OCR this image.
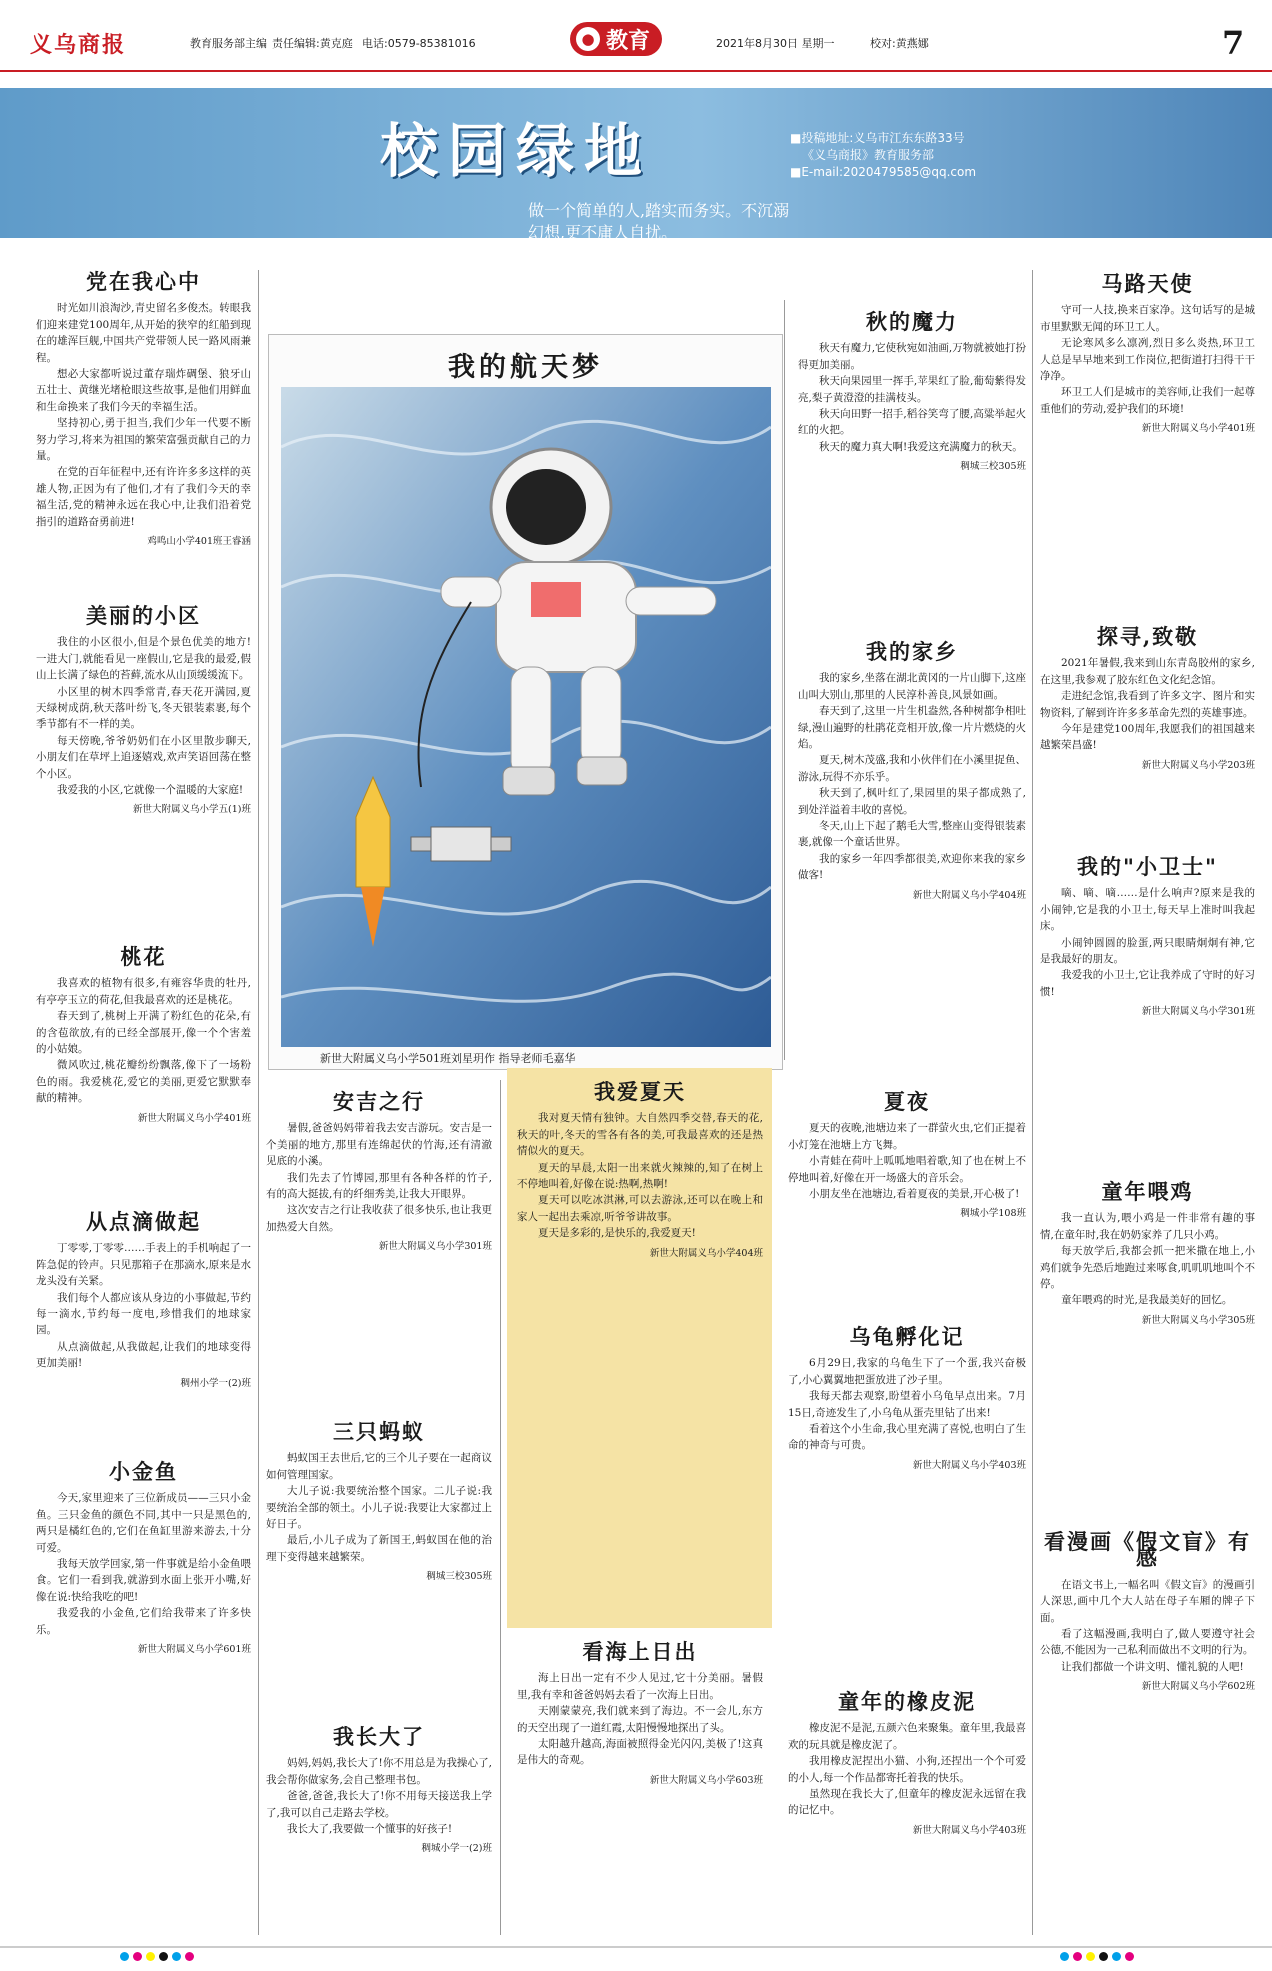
义乌商报	教育服务部主编 责任编辑:黄克庭 电话:0579-85381016	● 教育	2021年8月30日 星期一	校对:黄燕娜	7
校园绿地	■投稿地址:义乌市江东东路33号
《义乌商报》教育服务部
■E-mail:2020479585@qq.com
做一个简单的人,踏实而务实。不沉溺幻想,更不庸人自扰。
我的航天梦
新世大附属义乌小学501班刘星玥作 指导老师毛嘉华
党在我心中

时光如川浪淘沙,青史留名多俊杰。转眼我们迎来建党100周年,从开始的狭窄的红船到现在的雄浑巨舰,中国共产党带领人民一路风雨兼程。

想必大家都听说过董存瑞炸碉堡、狼牙山五壮士、黄继光堵枪眼这些故事,是他们用鲜血和生命换来了我们今天的幸福生活。

坚持初心,勇于担当,我们少年一代要不断努力学习,将来为祖国的繁荣富强贡献自己的力量。

在党的百年征程中,还有许许多多这样的英雄人物,正因为有了他们,才有了我们今天的幸福生活,党的精神永远在我心中,让我们沿着党指引的道路奋勇前进!

鸡鸣山小学401班王睿涵

美丽的小区

我住的小区很小,但是个景色优美的地方!一进大门,就能看见一座假山,它是我的最爱,假山上长满了绿色的苔藓,流水从山顶缓缓流下。

小区里的树木四季常青,春天花开满园,夏天绿树成荫,秋天落叶纷飞,冬天银装素裹,每个季节都有不一样的美。

每天傍晚,爷爷奶奶们在小区里散步聊天,小朋友们在草坪上追逐嬉戏,欢声笑语回荡在整个小区。

我爱我的小区,它就像一个温暖的大家庭!

新世大附属义乌小学五(1)班

桃花

我喜欢的植物有很多,有雍容华贵的牡丹,有亭亭玉立的荷花,但我最喜欢的还是桃花。

春天到了,桃树上开满了粉红色的花朵,有的含苞欲放,有的已经全部展开,像一个个害羞的小姑娘。

微风吹过,桃花瓣纷纷飘落,像下了一场粉色的雨。我爱桃花,爱它的美丽,更爱它默默奉献的精神。

新世大附属义乌小学401班

从点滴做起

丁零零,丁零零……手表上的手机响起了一阵急促的铃声。只见那箱子在那滴水,原来是水龙头没有关紧。

我们每个人都应该从身边的小事做起,节约每一滴水,节约每一度电,珍惜我们的地球家园。

从点滴做起,从我做起,让我们的地球变得更加美丽!

稠州小学一(2)班

小金鱼

今天,家里迎来了三位新成员——三只小金鱼。三只金鱼的颜色不同,其中一只是黑色的,两只是橘红色的,它们在鱼缸里游来游去,十分可爱。

我每天放学回家,第一件事就是给小金鱼喂食。它们一看到我,就游到水面上张开小嘴,好像在说:快给我吃的吧!

我爱我的小金鱼,它们给我带来了许多快乐。

新世大附属义乌小学601班

安吉之行

暑假,爸爸妈妈带着我去安吉游玩。安吉是一个美丽的地方,那里有连绵起伏的竹海,还有清澈见底的小溪。

我们先去了竹博园,那里有各种各样的竹子,有的高大挺拔,有的纤细秀美,让我大开眼界。

这次安吉之行让我收获了很多快乐,也让我更加热爱大自然。

新世大附属义乌小学301班

三只蚂蚁

蚂蚁国王去世后,它的三个儿子要在一起商议如何管理国家。

大儿子说:我要统治整个国家。二儿子说:我要统治全部的领土。小儿子说:我要让大家都过上好日子。

最后,小儿子成为了新国王,蚂蚁国在他的治理下变得越来越繁荣。

稠城三校305班

我长大了

妈妈,妈妈,我长大了!你不用总是为我操心了,我会帮你做家务,会自己整理书包。

爸爸,爸爸,我长大了!你不用每天接送我上学了,我可以自己走路去学校。

我长大了,我要做一个懂事的好孩子!

稠城小学一(2)班

秋的魔力

秋天有魔力,它使秋宛如油画,万物就被她打扮得更加美丽。

秋天向果园里一挥手,苹果红了脸,葡萄紫得发亮,梨子黄澄澄的挂满枝头。

秋天向田野一招手,稻谷笑弯了腰,高粱举起火红的火把。

秋天的魔力真大啊!我爱这充满魔力的秋天。

稠城三校305班

我的家乡

我的家乡,坐落在湖北黄冈的一片山脚下,这座山叫大别山,那里的人民淳朴善良,风景如画。

春天到了,这里一片生机盎然,各种树都争相吐绿,漫山遍野的杜鹃花竞相开放,像一片片燃烧的火焰。

夏天,树木茂盛,我和小伙伴们在小溪里捉鱼、游泳,玩得不亦乐乎。

秋天到了,枫叶红了,果园里的果子都成熟了,到处洋溢着丰收的喜悦。

冬天,山上下起了鹅毛大雪,整座山变得银装素裹,就像一个童话世界。

我的家乡一年四季都很美,欢迎你来我的家乡做客!

新世大附属义乌小学404班

我爱夏天

我对夏天情有独钟。大自然四季交替,春天的花,秋天的叶,冬天的雪各有各的美,可我最喜欢的还是热情似火的夏天。

夏天的早晨,太阳一出来就火辣辣的,知了在树上不停地叫着,好像在说:热啊,热啊!

夏天可以吃冰淇淋,可以去游泳,还可以在晚上和家人一起出去乘凉,听爷爷讲故事。

夏天是多彩的,是快乐的,我爱夏天!

新世大附属义乌小学404班

夏夜

夏天的夜晚,池塘边来了一群萤火虫,它们正提着小灯笼在池塘上方飞舞。

小青蛙在荷叶上呱呱地唱着歌,知了也在树上不停地叫着,好像在开一场盛大的音乐会。

小朋友坐在池塘边,看着夏夜的美景,开心极了!

稠城小学108班

乌龟孵化记

6月29日,我家的乌龟生下了一个蛋,我兴奋极了,小心翼翼地把蛋放进了沙子里。

我每天都去观察,盼望着小乌龟早点出来。7月15日,奇迹发生了,小乌龟从蛋壳里钻了出来!

看着这个小生命,我心里充满了喜悦,也明白了生命的神奇与可贵。

新世大附属义乌小学403班

看海上日出

海上日出一定有不少人见过,它十分美丽。暑假里,我有幸和爸爸妈妈去看了一次海上日出。

天刚蒙蒙亮,我们就来到了海边。不一会儿,东方的天空出现了一道红霞,太阳慢慢地探出了头。

太阳越升越高,海面被照得金光闪闪,美极了!这真是伟大的奇观。

新世大附属义乌小学603班

童年的橡皮泥

橡皮泥不是泥,五颜六色来聚集。童年里,我最喜欢的玩具就是橡皮泥了。

我用橡皮泥捏出小猫、小狗,还捏出一个个可爱的小人,每一个作品都寄托着我的快乐。

虽然现在我长大了,但童年的橡皮泥永远留在我的记忆中。

新世大附属义乌小学403班

马路天使

守可一人技,换来百家净。这句话写的是城市里默默无闻的环卫工人。

无论寒风多么凛冽,烈日多么炎热,环卫工人总是早早地来到工作岗位,把街道打扫得干干净净。

环卫工人们是城市的美容师,让我们一起尊重他们的劳动,爱护我们的环境!

新世大附属义乌小学401班

探寻,致敬

2021年暑假,我来到山东青岛胶州的家乡,在这里,我参观了胶东红色文化纪念馆。

走进纪念馆,我看到了许多文字、图片和实物资料,了解到许许多多革命先烈的英雄事迹。

今年是建党100周年,我愿我们的祖国越来越繁荣昌盛!

新世大附属义乌小学203班

我的"小卫士"

嘀、嘀、嘀……是什么响声?原来是我的小闹钟,它是我的小卫士,每天早上准时叫我起床。

小闹钟圆圆的脸蛋,两只眼睛炯炯有神,它是我最好的朋友。

我爱我的小卫士,它让我养成了守时的好习惯!

新世大附属义乌小学301班

童年喂鸡

我一直认为,喂小鸡是一件非常有趣的事情,在童年时,我在奶奶家养了几只小鸡。

每天放学后,我都会抓一把米撒在地上,小鸡们就争先恐后地跑过来啄食,叽叽叽地叫个不停。

童年喂鸡的时光,是我最美好的回忆。

新世大附属义乌小学305班

看漫画《假文盲》有感

在语文书上,一幅名叫《假文盲》的漫画引人深思,画中几个大人站在母子车厢的牌子下面。

看了这幅漫画,我明白了,做人要遵守社会公德,不能因为一己私利而做出不文明的行为。

让我们都做一个讲文明、懂礼貌的人吧!

新世大附属义乌小学602班
